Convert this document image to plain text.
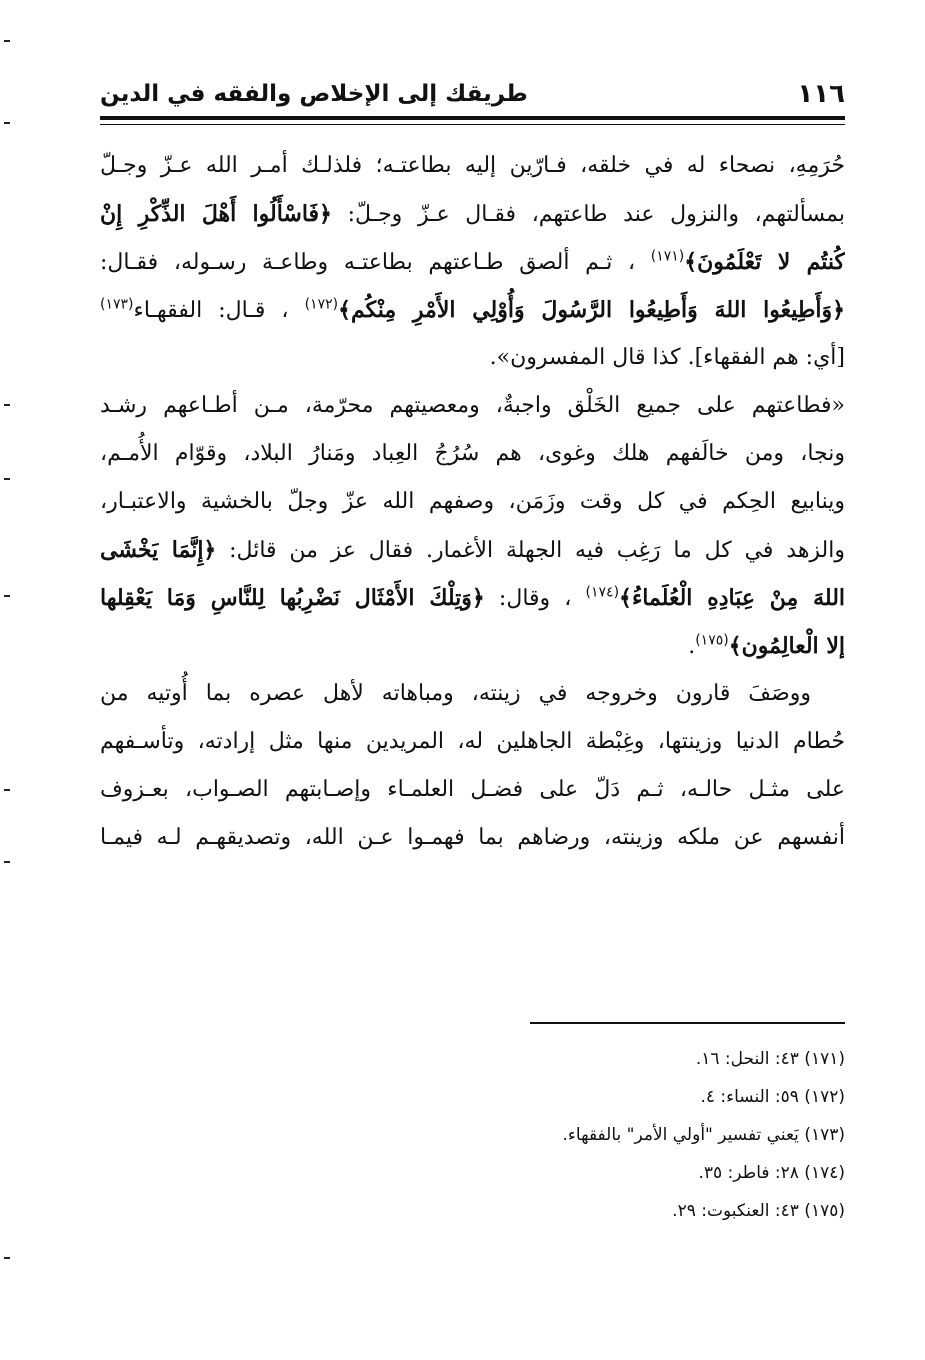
١١٦
طريقك إلى الإخلاص والفقه في الدين

حُرَمِهِ، نصحاء له في خلقه، فـارّين إليه بطاعتـه؛ فلذلـك أمـر الله عـزّ وجـلّ
بمسألتهم، والنزول عند طاعتهم، فقـال عـزّ وجـلّ: ﴿فَاسْأَلُوا أَهْلَ الذِّكْرِ إِنْ
كُنتُم لا تَعْلَمُونَ﴾$^{(١٧١)}$ ، ثـم ألصق طـاعتهم بطاعتـه وطاعـة رسـوله، فقـال:
﴿وَأَطِيعُوا اللهَ وَأَطِيعُوا الرَّسُولَ وَأُوْلِي الأَمْرِ مِنْكُم﴾$^{(١٧٢)}$ ، قـال: الفقهـاء$^{(١٧٣)}$

[أي: هم الفقهاء]. كذا قال المفسرون».

«فطاعتهم على جميع الخَلْق واجبةٌ، ومعصيتهم محرّمة، مـن أطـاعهم رشـد
ونجا، ومن خالَفهم هلك وغوى، هم سُرُجُ العِباد ومَنارُ البلاد، وقوّام الأُمـم،
وينابيع الحِكم في كل وقت وزَمَن، وصفهم الله عزّ وجلّ بالخشية والاعتبـار،
والزهد في كل ما رَغِب فيه الجهلة الأغمار. فقال عز من قائل: ﴿إِنَّمَا يَخْشَى
اللهَ مِنْ عِبَادِهِ الْعُلَماءُ﴾$^{(١٧٤)}$ ، وقال: ﴿وَتِلْكَ الأَمْثَال نَضْرِبُها لِلنَّاسِ وَمَا يَعْقِلها

إلا الْعالِمُون﴾$^{(١٧٥)}$.

ووصَفَ قارون وخروجه في زينته، ومباهاته لأهل عصره بما أُوتيه من
حُطام الدنيا وزينتها، وغِبْطة الجاهلين له، المريدين منها مثل إرادته، وتأسـفهم
على مثـل حالـه، ثـم دَلّ على فضـل العلمـاء وإصـابتهم الصـواب، بعـزوف
أنفسهم عن ملكه وزينته، ورضاهم بما فهمـوا عـن الله، وتصديقهـم لـه فيمـا

(١٧١) ٤٣: النحل: ١٦.
(١٧٢) ٥٩: النساء: ٤.
(١٧٣) يَعني تفسير "أولي الأمر" بالفقهاء.
(١٧٤) ٢٨: فاطر: ٣٥.
(١٧٥) ٤٣: العنكبوت: ٢٩.
